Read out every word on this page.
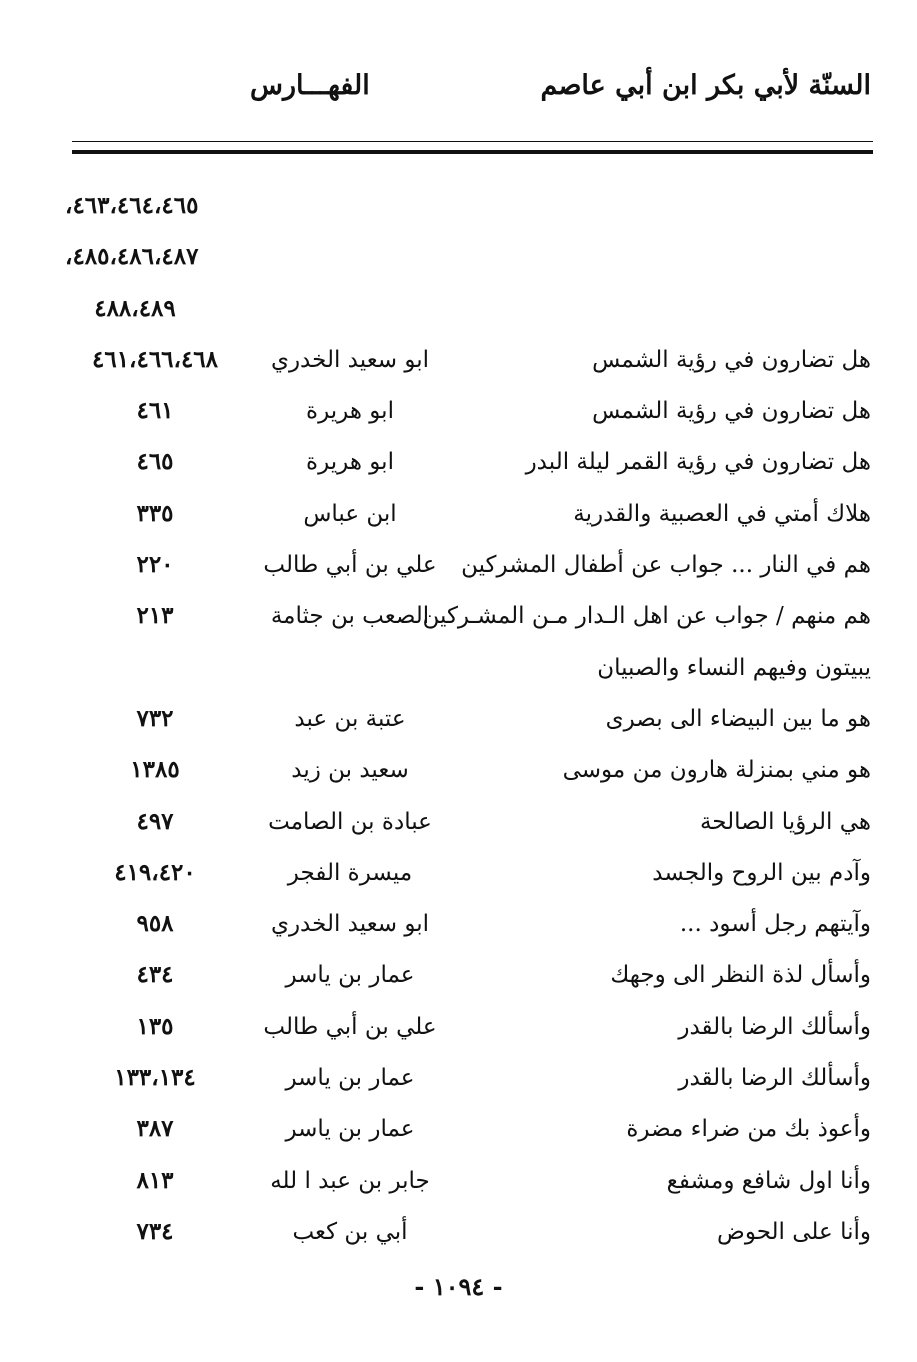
السنّة لأبي بكر ابن أبي عاصم
الفهـــارس
٤٦٣،٤٦٤،٤٦٥،
٤٨٥،٤٨٦،٤٨٧،
٤٨٨،٤٨٩
هل تضارون في رؤية الشمس
ابو سعيد الخدري
٤٦١،٤٦٦،٤٦٨
هل تضارون في رؤية الشمس
ابو هريرة
٤٦١
هل تضارون في رؤية القمر ليلة البدر
ابو هريرة
٤٦٥
هلاك أمتي في العصبية والقدرية
ابن عباس
٣٣٥
هم في النار ... جواب عن أطفال المشركين
علي بن أبي طالب
٢٢٠
هم منهم / جواب عن اهل الـدار مـن المشـركين
الصعب بن جثامة
٢١٣
يبيتون وفيهم النساء والصبيان
هو ما بين البيضاء الى بصرى
عتبة بن عبد
٧٣٢
هو مني بمنزلة هارون من موسى
سعيد بن زيد
١٣٨٥
هي الرؤيا الصالحة
عبادة بن الصامت
٤٩٧
وآدم بين الروح والجسد
ميسرة الفجر
٤١٩،٤٢٠
وآيتهم رجل أسود ...
ابو سعيد الخدري
٩٥٨
وأسأل لذة النظر الى وجهك
عمار بن ياسر
٤٣٤
وأسألك الرضا بالقدر
علي بن أبي طالب
١٣٥
وأسألك الرضا بالقدر
عمار بن ياسر
١٣٣،١٣٤
وأعوذ بك من ضراء مضرة
عمار بن ياسر
٣٨٧
وأنا اول شافع ومشفع
جابر بن عبد ا لله
٨١٣
وأنا على الحوض
أبي بن كعب
٧٣٤
- ١٠٩٤ -
